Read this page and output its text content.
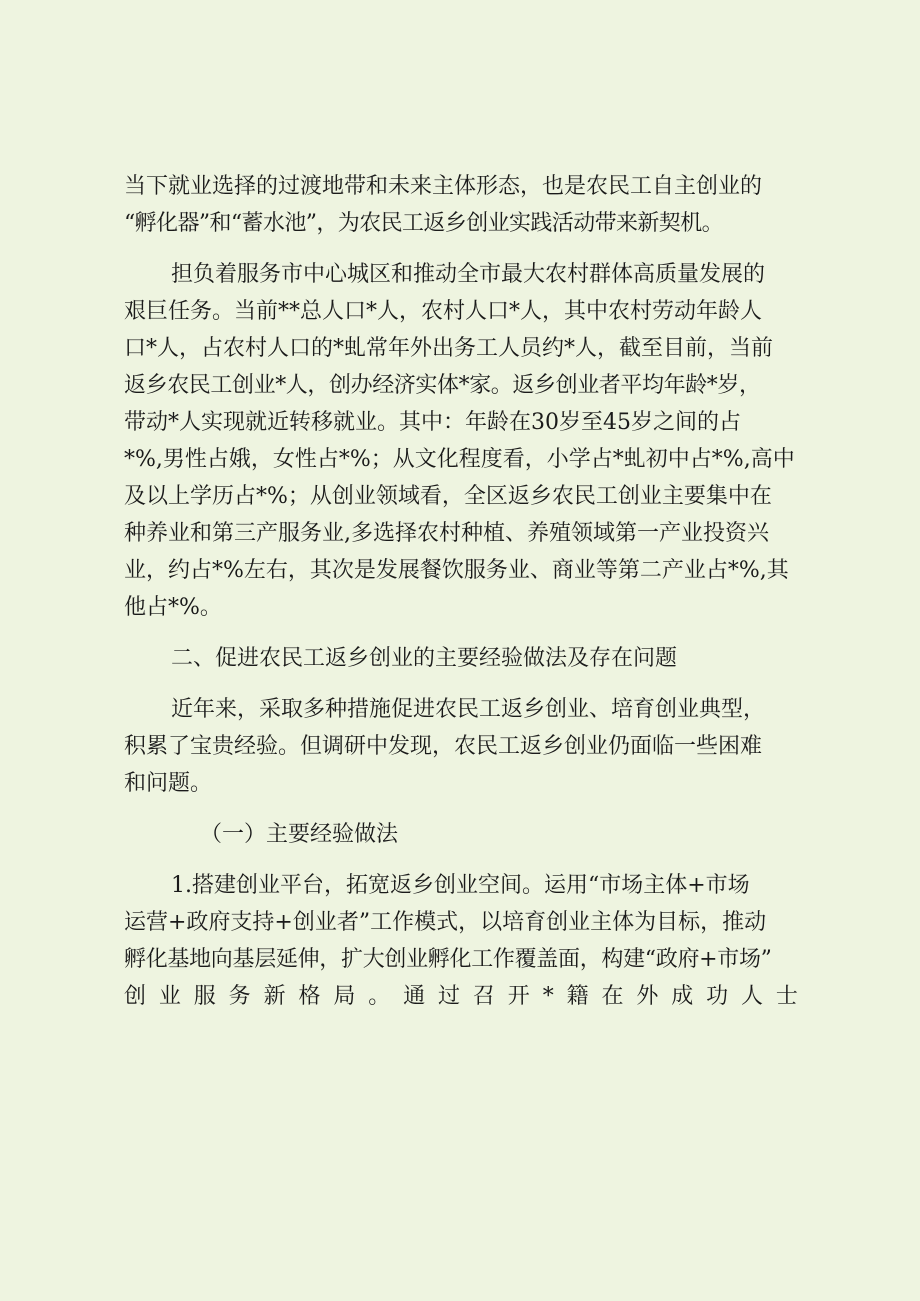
当下就业选择的过渡地带和未来主体形态，也是农民工自主创业的
“孵化器”和“蓄水池”，为农民工返乡创业实践活动带来新契机。
担负着服务市中心城区和推动全市最大农村群体高质量发展的
艰巨任务。当前**总人口*人，农村人口*人，其中农村劳动年龄人
口*人，占农村人口的*虬常年外出务工人员约*人，截至目前，当前
返乡农民工创业*人，创办经济实体*家。返乡创业者平均年龄*岁，
带动*人实现就近转移就业。其中：年龄在30岁至45岁之间的占
*%,男性占娥，女性占*%；从文化程度看，小学占*虬初中占*%,高中
及以上学历占*%；从创业领域看，全区返乡农民工创业主要集中在
种养业和第三产服务业,多选择农村种植、养殖领域第一产业投资兴
业，约占*%左右，其次是发展餐饮服务业、商业等第二产业占*%,其
他占*%。
二、促进农民工返乡创业的主要经验做法及存在问题
近年来，采取多种措施促进农民工返乡创业、培育创业典型，
积累了宝贵经验。但调研中发现，农民工返乡创业仍面临一些困难
和问题。
（一）主要经验做法
1.搭建创业平台，拓宽返乡创业空间。运用“市场主体+市场
运营+政府支持+创业者”工作模式，以培育创业主体为目标，推动
孵化基地向基层延伸，扩大创业孵化工作覆盖面，构建“政府+市场”
创 业 服 务 新 格 局 。 通 过 召 开 * 籍 在 外 成 功 人 士
